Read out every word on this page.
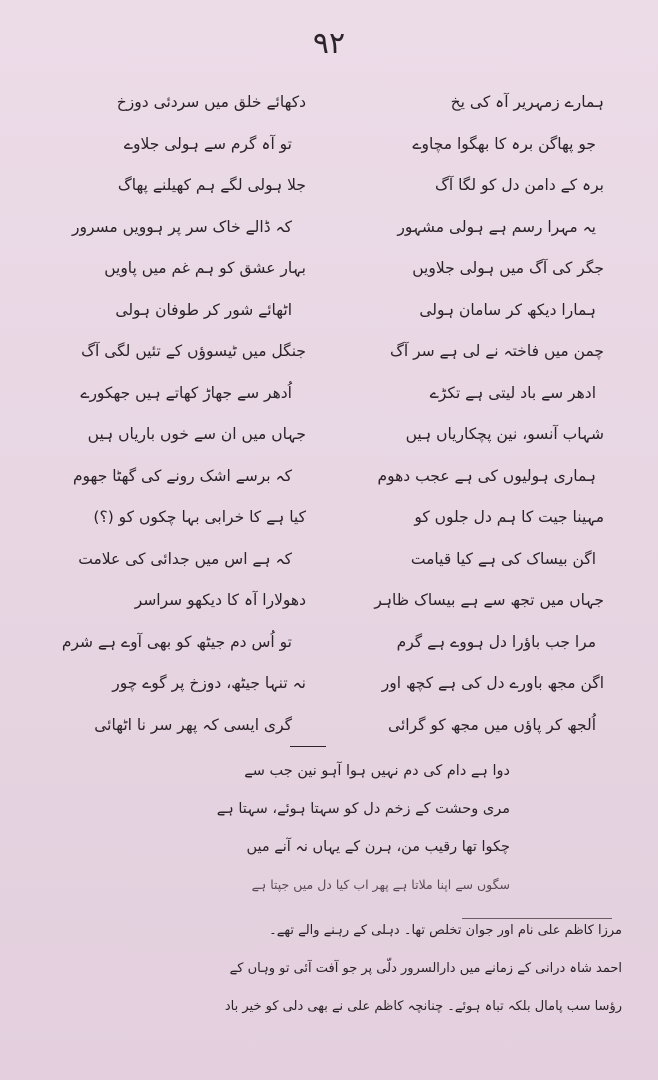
٩٢
ہمارے زمہریر آہ کی یخ
جو پھاگن برہ کا بھگوا مچاوے
برہ کے دامن دل کو لگا آگ
یہ مہرا رسم ہے ہولی مشہور
جگر کی آگ میں ہولی جلاویں
ہمارا دیکھ کر سامان ہولی
چمن میں فاختہ نے لی ہے سر آگ
ادھر سے باد لیتی ہے تکڑے
شہاب آنسو، نین پچکاریاں ہیں
ہماری ہولیوں کی ہے عجب دھوم
مہینا جیت کا ہم دل جلوں کو
اگن بیساک کی ہے کیا قیامت
جہاں میں تجھ سے ہے بیساک ظاہر
مرا جب باؤرا دل ہووے ہے گرم
اگن مجھ باورے دل کی ہے کچھ اور
اُلجھ کر پاؤں میں مجھ کو گرائی
دکھائے خلق میں سردئی دوزخ
تو آہ گرم سے ہولی جلاوے
جلا ہولی لگے ہم کھیلنے پھاگ
کہ ڈالے خاک سر پر ہوویں مسرور
بہار عشق کو ہم غم میں پاویں
اٹھائے شور کر طوفان ہولی
جنگل میں ٹیسوؤں کے تئیں لگی آگ
اُدھر سے جھاڑ کھاتے ہیں جھکورے
جہاں میں ان سے خوں باریاں ہیں
کہ برسے اشک رونے کی گھٹا جھوم
کیا ہے کا خرابی بہا چکوں کو (؟)
کہ ہے اس میں جدائی کی علامت
دھولارا آہ کا دیکھو سراسر
تو اُس دم جیٹھ کو بھی آوے ہے شرم
نہ تنہا جیٹھ، دوزخ پر گوے چور
گری ایسی کہ پھر سر نا اٹھائی
دوا ہے دام کی دم نہیں ہوا آہو نین جب سے
مری وحشت کے زخم دل کو سہتا ہوئے، سہتا ہے
چکوا تھا رقیب من، ہرن کے یہاں نہ آنے میں
سگوں سے اپنا ملاتا ہے پھر اب کیا دل میں جپتا ہے
مرزا کاظم علی نام اور جوان تخلص تھا۔ دہلی کے رہنے والے تھے۔
احمد شاہ درانی کے زمانے میں دارالسرور دلّی پر جو آفت آئی تو وہاں کے
رؤسا سب پامال بلکہ تباہ ہوئے۔ چنانچہ کاظم علی نے بھی دلی کو خیر باد
